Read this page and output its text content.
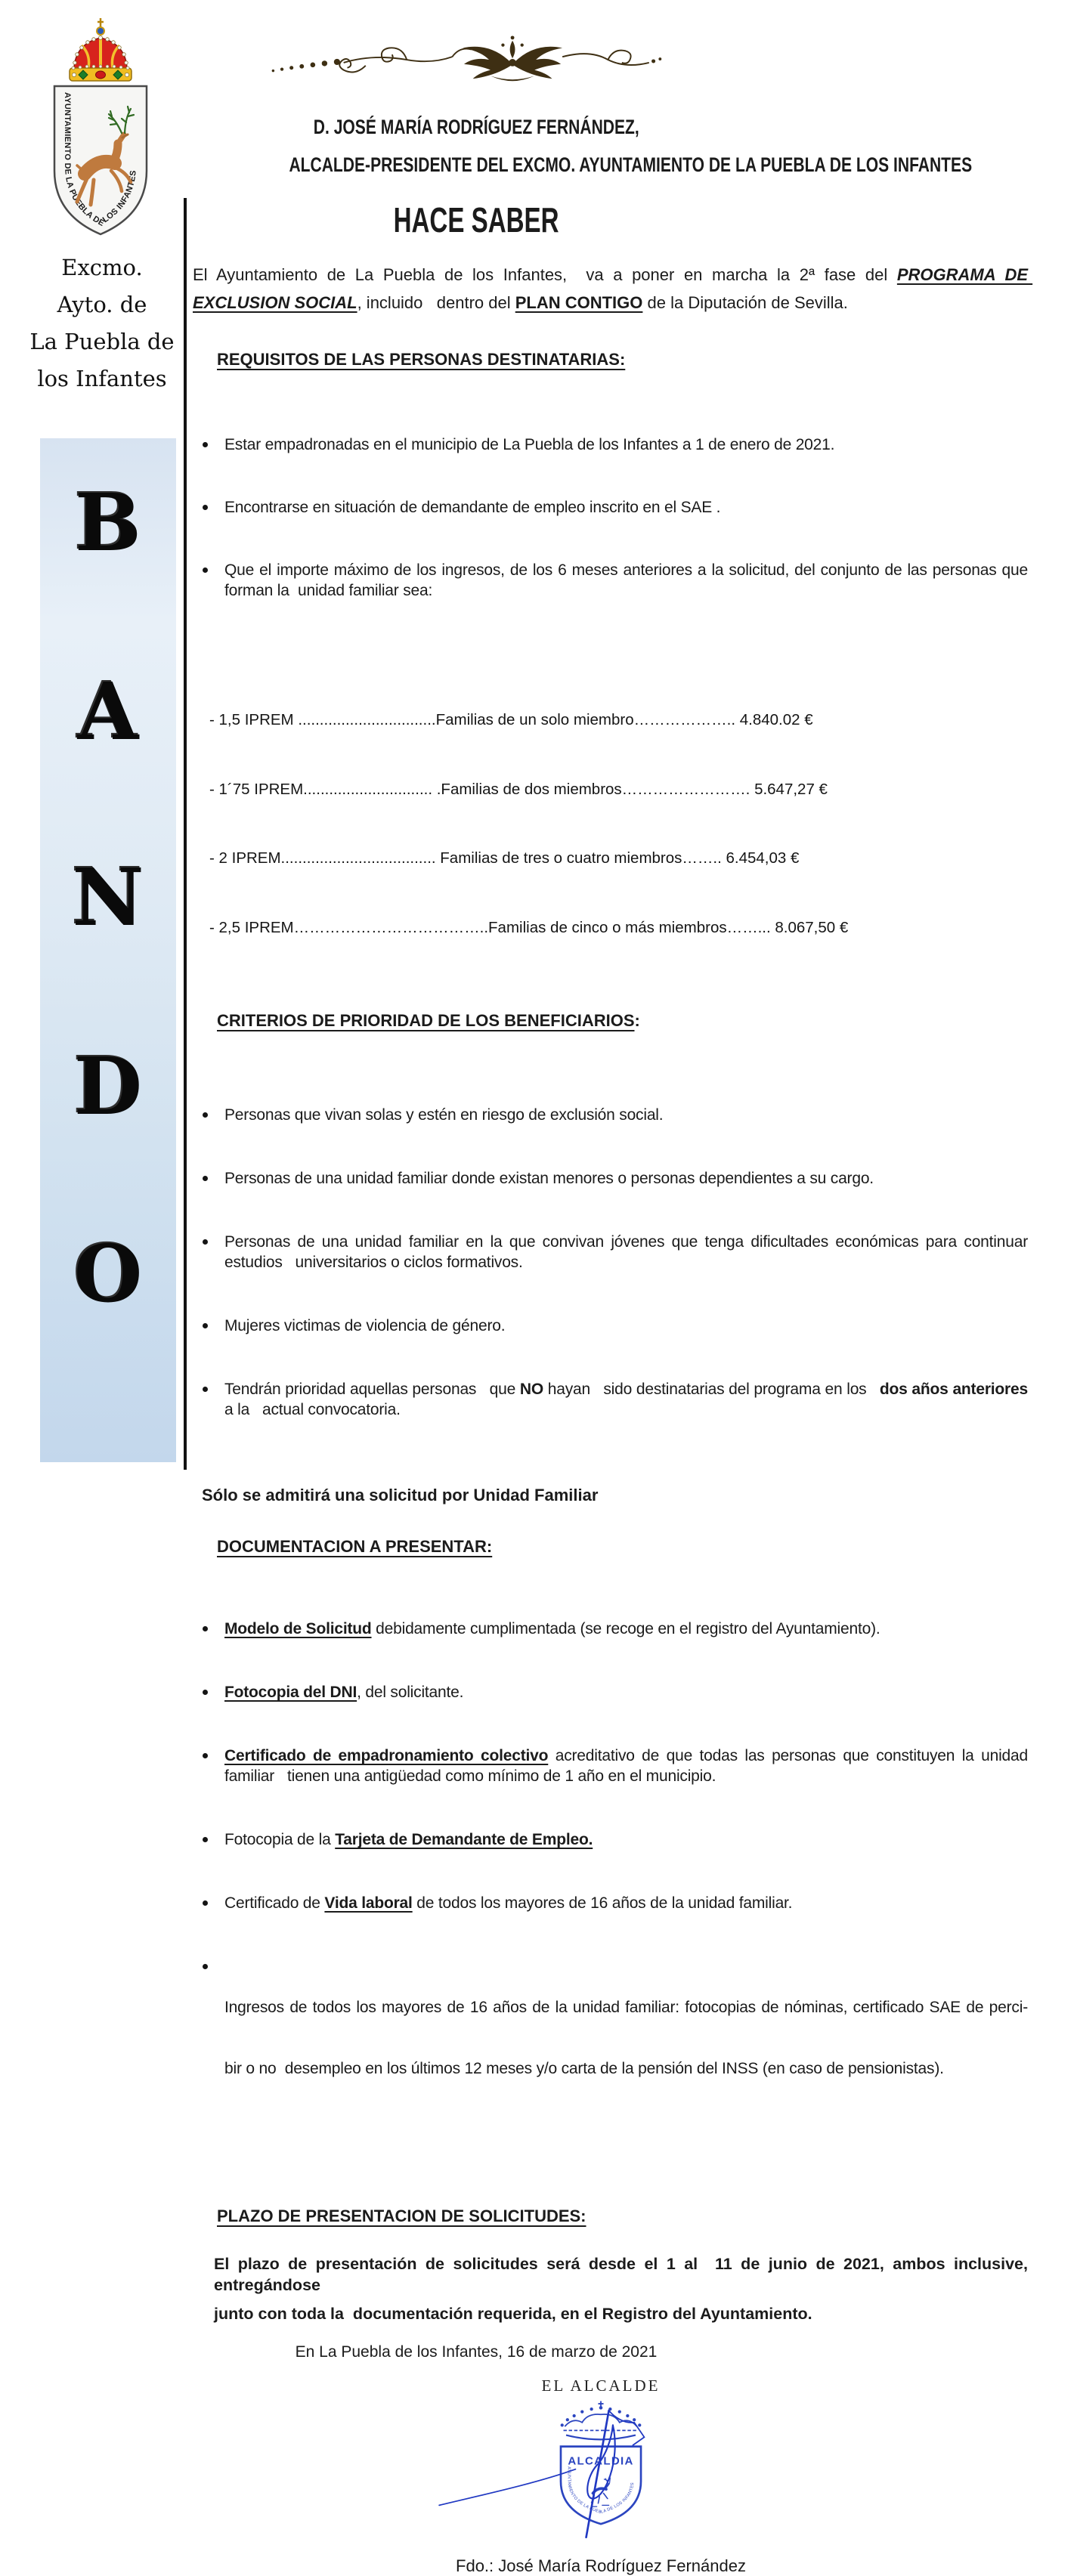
AYUNTAMIENTO DE LA PUEBLA DE LOS INFANTES
Excmo.
Ayto. de
La Puebla de
los Infantes
B
A
N
D
O
D. JOSÉ MARÍA RODRÍGUEZ FERNÁNDEZ,
ALCALDE-PRESIDENTE DEL EXCMO. AYUNTAMIENTO DE LA PUEBLA DE LOS INFANTES
HACE SABER

El Ayuntamiento de La Puebla de los Infantes,  va a poner en marcha la 2ª fase del PROGRAMA DE EXCLUSION SOCIAL, incluido   dentro del PLAN CONTIGO de la Diputación de Sevilla.

REQUISITOS DE LAS PERSONAS DESTINATARIAS:

Estar empadronadas en el municipio de La Puebla de los Infantes a 1 de enero de 2021.

Encontrarse en situación de demandante de empleo inscrito en el SAE .

Que el importe máximo de los ingresos, de los 6 meses anteriores a la solicitud, del conjunto de las personas que forman la  unidad familiar sea:

- 1,5 IPREM ................................Familias de un solo miembro……………….. 4.840.02 €

- 1´75 IPREM.............................. .Familias de dos miembros……………………. 5.647,27 €

- 2 IPREM.................................... Familias de tres o cuatro miembros…….. 6.454,03 €

- 2,5 IPREM………………………………..Familias de cinco o más miembros……... 8.067,50 €

CRITERIOS DE PRIORIDAD DE LOS BENEFICIARIOS:

Personas que vivan solas y estén en riesgo de exclusión social.

Personas de una unidad familiar donde existan menores o personas dependientes a su cargo.

Personas de una unidad familiar en la que convivan jóvenes que tenga dificultades económicas para continuar estudios   universitarios o ciclos formativos.

Mujeres victimas de violencia de género.

Tendrán prioridad aquellas personas   que NO hayan   sido destinatarias del programa en los   dos años anteriores a la   actual convocatoria.

Sólo se admitirá una solicitud por Unidad Familiar
DOCUMENTACION A PRESENTAR:

Modelo de Solicitud debidamente cumplimentada (se recoge en el registro del Ayuntamiento).

Fotocopia del DNI, del solicitante.

Certificado de empadronamiento colectivo acreditativo de que todas las personas que constituyen la unidad familiar   tienen una antigüedad como mínimo de 1 año en el municipio.

Fotocopia de la Tarjeta de Demandante de Empleo.

Certificado de Vida laboral de todos los mayores de 16 años de la unidad familiar.

Ingresos de todos los mayores de 16 años de la unidad familiar: fotocopias de nóminas, certificado SAE de perci-

bir o no  desempleo en los últimos 12 meses y/o carta de la pensión del INSS (en caso de pensionistas).

PLAZO DE PRESENTACION DE SOLICITUDES:
El plazo de presentación de solicitudes será desde el 1 al  11 de junio de 2021, ambos inclusive, entregándose
junto con toda la  documentación requerida, en el Registro del Ayuntamiento.
En La Puebla de los Infantes, 16 de marzo de 2021
EL ALCALDE
ALCALDIA
AYUNTAMIENTO DE LA PUEBLA DE LOS INFANTES
Fdo.: José María Rodríguez Fernández
